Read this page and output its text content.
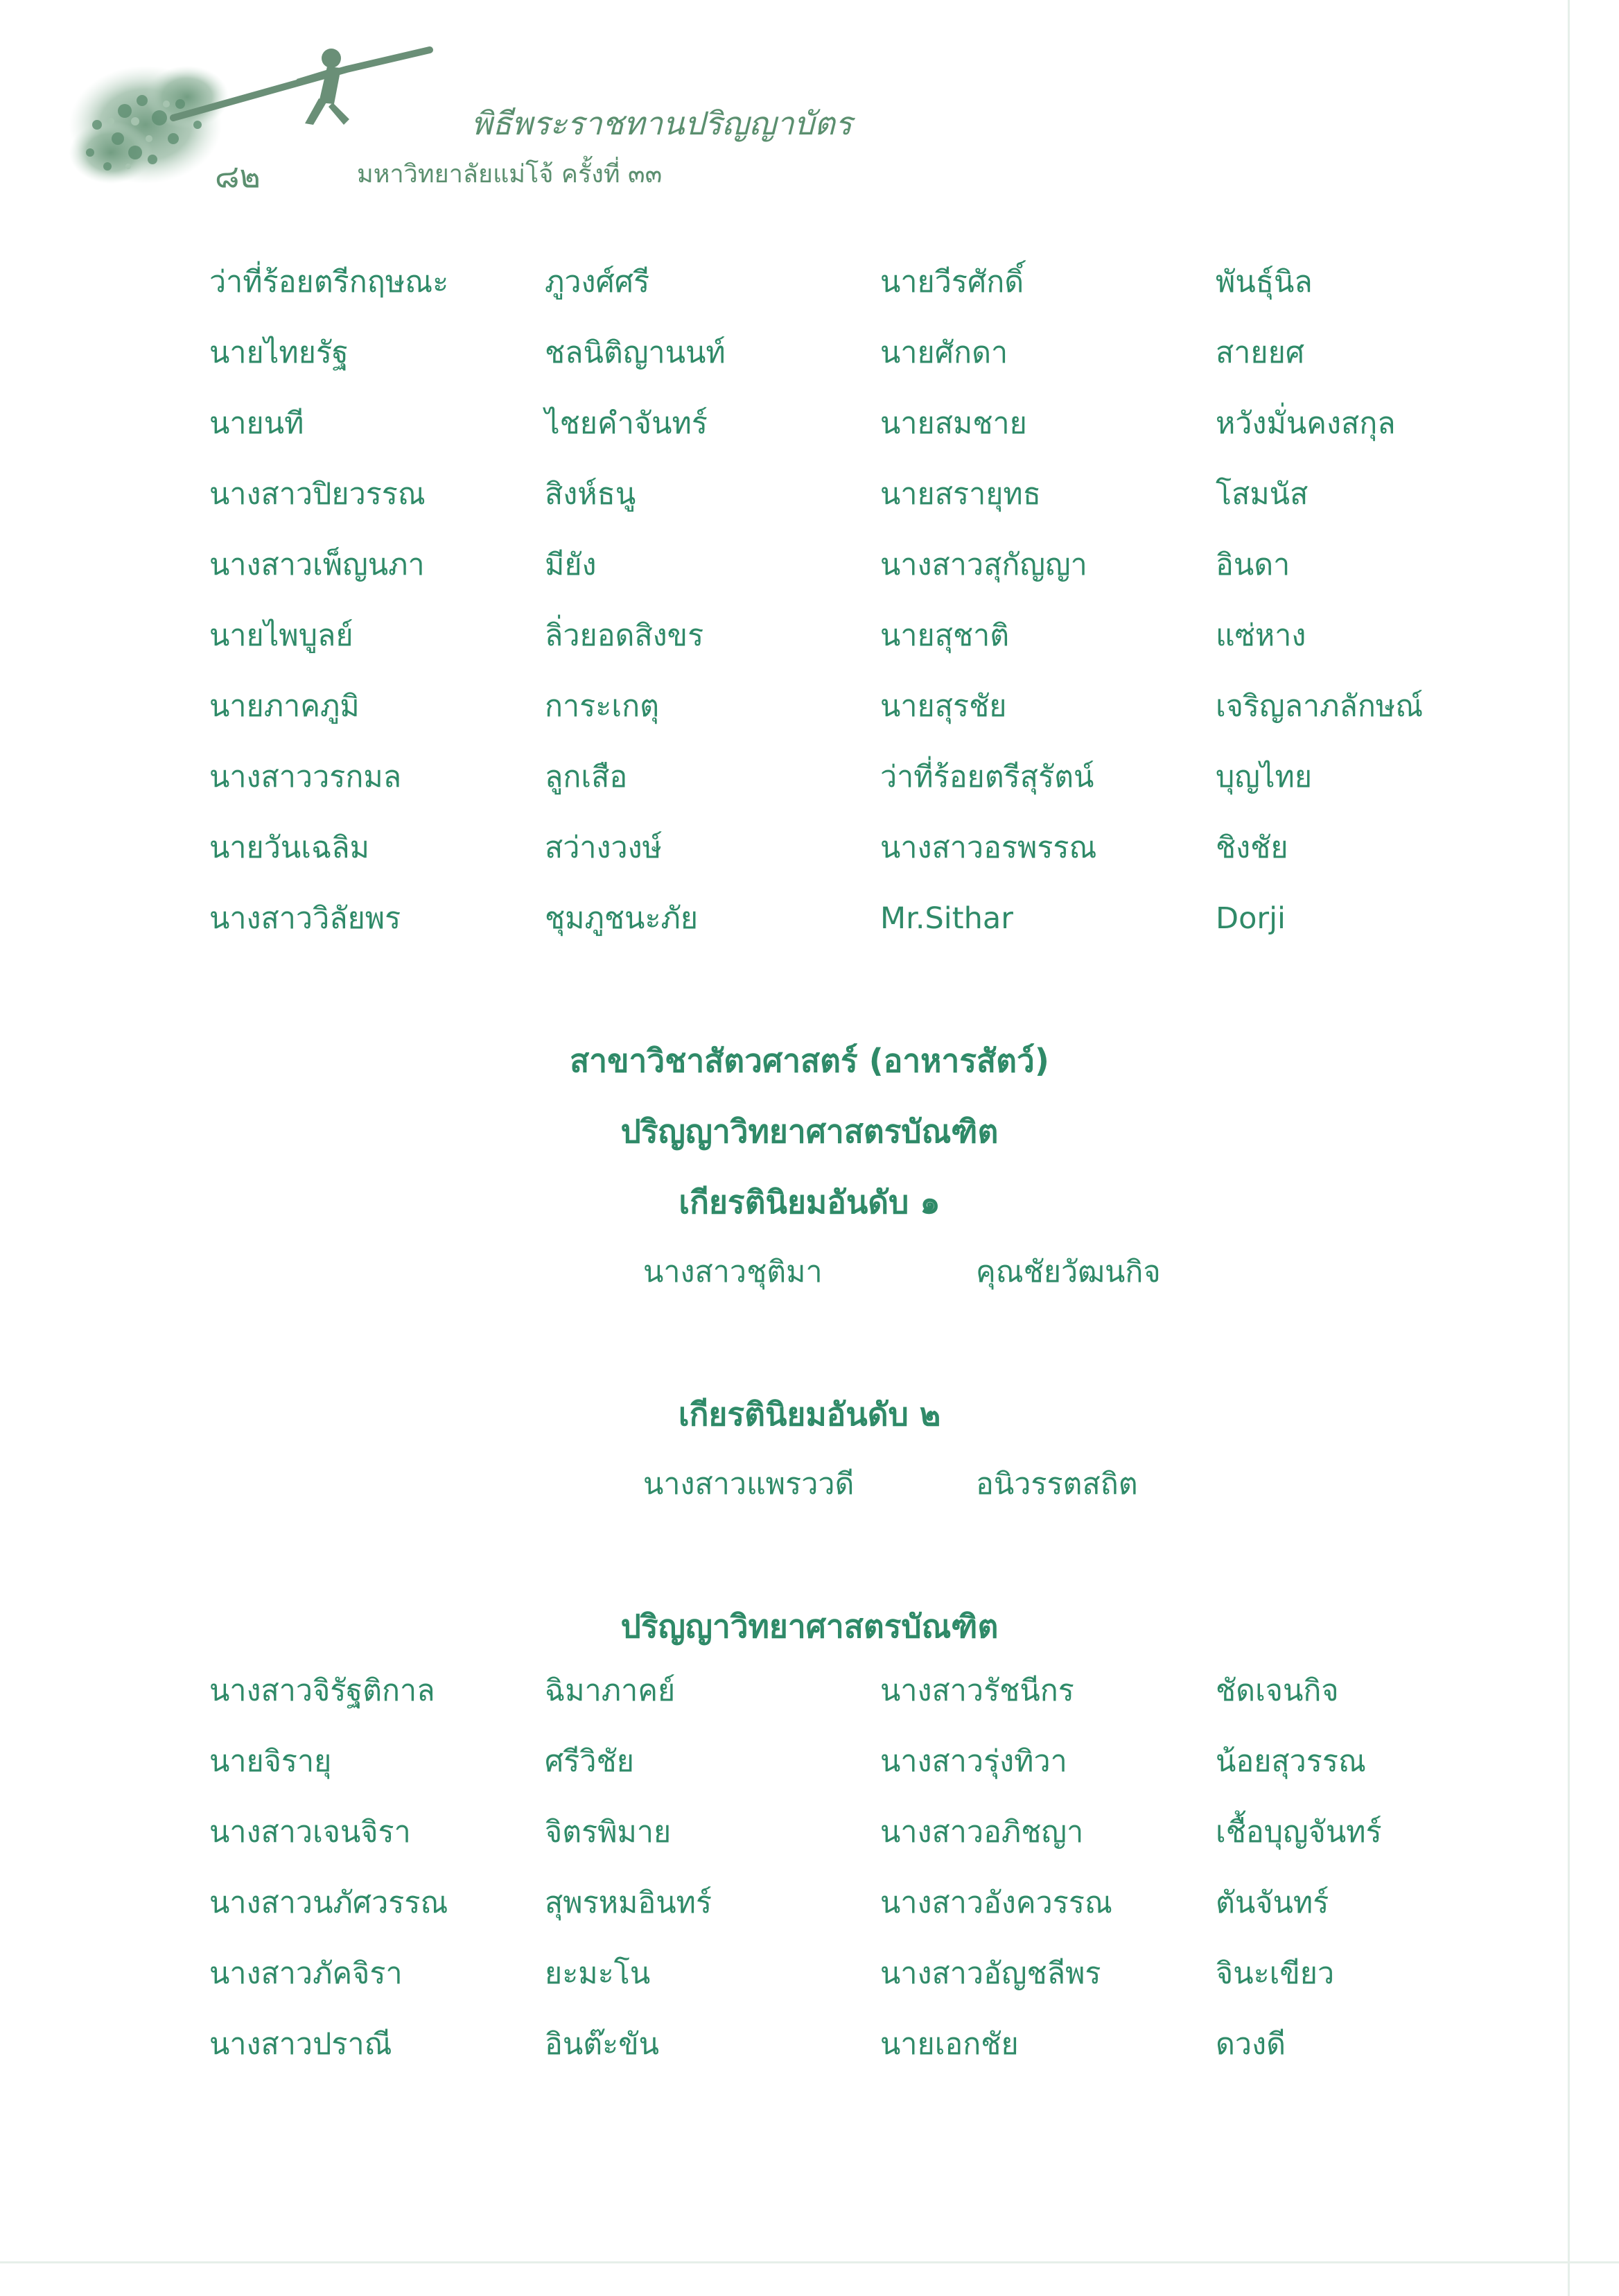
พิธีพระราชทานปริญญาบัตร
๘๒	มหาวิทยาลัยแม่โจ้ ครั้งที่ ๓๓
ว่าที่ร้อยตรีกฤษณะ	ภูวงศ์ศรี	นายวีรศักดิ์	พันธุ์นิล
นายไทยรัฐ	ชลนิติญานนท์	นายศักดา	สายยศ
นายนที	ไชยคำจันทร์	นายสมชาย	หวังมั่นคงสกุล
นางสาวปิยวรรณ	สิงห์ธนู	นายสรายุทธ	โสมนัส
นางสาวเพ็ญนภา	มียัง	นางสาวสุกัญญา	อินดา
นายไพบูลย์	ลิ่วยอดสิงขร	นายสุชาติ	แซ่หาง
นายภาคภูมิ	การะเกตุ	นายสุรชัย	เจริญลาภลักษณ์
นางสาววรกมล	ลูกเสือ	ว่าที่ร้อยตรีสุรัตน์	บุญไทย
นายวันเฉลิม	สว่างวงษ์	นางสาวอรพรรณ	ชิงชัย
นางสาววิลัยพร	ชุมภูชนะภัย	Mr.Sithar	Dorji
สาขาวิชาสัตวศาสตร์ (อาหารสัตว์)
ปริญญาวิทยาศาสตรบัณฑิต
เกียรตินิยมอันดับ ๑
นางสาวชุติมา	คุณชัยวัฒนกิจ
เกียรตินิยมอันดับ ๒
นางสาวแพรววดี	อนิวรรตสถิต
ปริญญาวิทยาศาสตรบัณฑิต
นางสาวจิรัฐติกาล	ฉิมาภาคย์	นางสาวรัชนีกร	ชัดเจนกิจ
นายจิรายุ	ศรีวิชัย	นางสาวรุ่งทิวา	น้อยสุวรรณ
นางสาวเจนจิรา	จิตรพิมาย	นางสาวอภิชญา	เชื้อบุญจันทร์
นางสาวนภัศวรรณ	สุพรหมอินทร์	นางสาวอังควรรณ	ตันจันทร์
นางสาวภัคจิรา	ยะมะโน	นางสาวอัญชลีพร	จินะเขียว
นางสาวปราณี	อินต๊ะขัน	นายเอกชัย	ดวงดี
